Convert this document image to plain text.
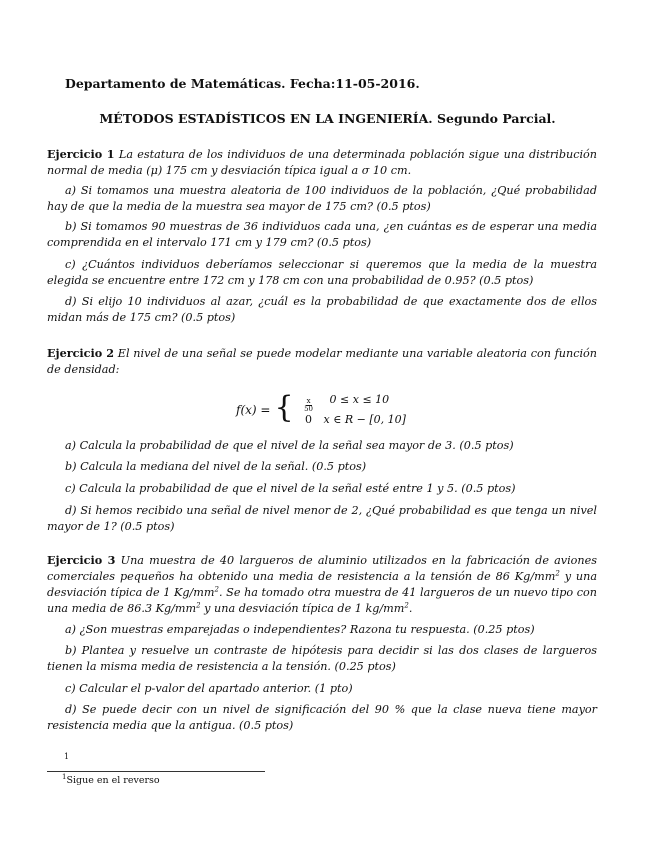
Departamento de Matemáticas. Fecha:11-05-2016.
MÉTODOS ESTADÍSTICOS EN LA INGENIERÍA. Segundo Parcial.
Ejercicio 1 La estatura de los individuos de una determinada población sigue una distribución normal de media (μ) 175 cm y desviación típica igual a σ 10 cm.
a) Si tomamos una muestra aleatoria de 100 individuos de la población, ¿Qué probabilidad hay de que la media de la muestra sea mayor de 175 cm? (0.5 ptos)
b) Si tomamos 90 muestras de 36 individuos cada una, ¿en cuántas es de esperar una media comprendida en el intervalo 171 cm y 179 cm? (0.5 ptos)
c) ¿Cuántos individuos deberíamos seleccionar si queremos que la media de la muestra elegida se encuentre entre 172 cm y 178 cm con una probabilidad de 0.95? (0.5 ptos)
d) Si elijo 10 individuos al azar, ¿cuál es la probabilidad de que exactamente dos de ellos midan más de 175 cm? (0.5 ptos)
Ejercicio 2 El nivel de una señal se puede modelar mediante una variable aleatoria con función de densidad:
f(x) = { $\frac{x}{50} 0 \le x \le 10$
0	x ∈ R − [0, 10]
a) Calcula la probabilidad de que el nivel de la señal sea mayor de 3. (0.5 ptos)
b) Calcula la mediana del nivel de la señal. (0.5 ptos)
c) Calcula la probabilidad de que el nivel de la señal esté entre 1 y 5. (0.5 ptos)
d) Si hemos recibido una señal de nivel menor de 2, ¿Qué probabilidad es que tenga un nivel mayor de 1? (0.5 ptos)
Ejercicio 3 Una muestra de 40 largueros de aluminio utilizados en la fabricación de aviones comerciales pequeños ha obtenido una media de resistencia a la tensión de 86 $Kg/mm^2$ y una desviación típica de 1 $Kg/mm^2$. Se ha tomado otra muestra de 41 largueros de un nuevo tipo con una media de 86.3 $Kg/mm^2$ y una desviación típica de 1 $kg/mm^2$.
a) ¿Son muestras emparejadas o independientes? Razona tu respuesta. (0.25 ptos)
b) Plantea y resuelve un contraste de hipótesis para decidir si las dos clases de largueros tienen la misma media de resistencia a la tensión. (0.25 ptos)
c) Calcular el p-valor del apartado anterior. (1 pto)
d) Se puede decir con un nivel de significación del 90 % que la clase nueva tiene mayor resistencia media que la antigua. (0.5 ptos)
1
$^1$Sigue en el reverso
